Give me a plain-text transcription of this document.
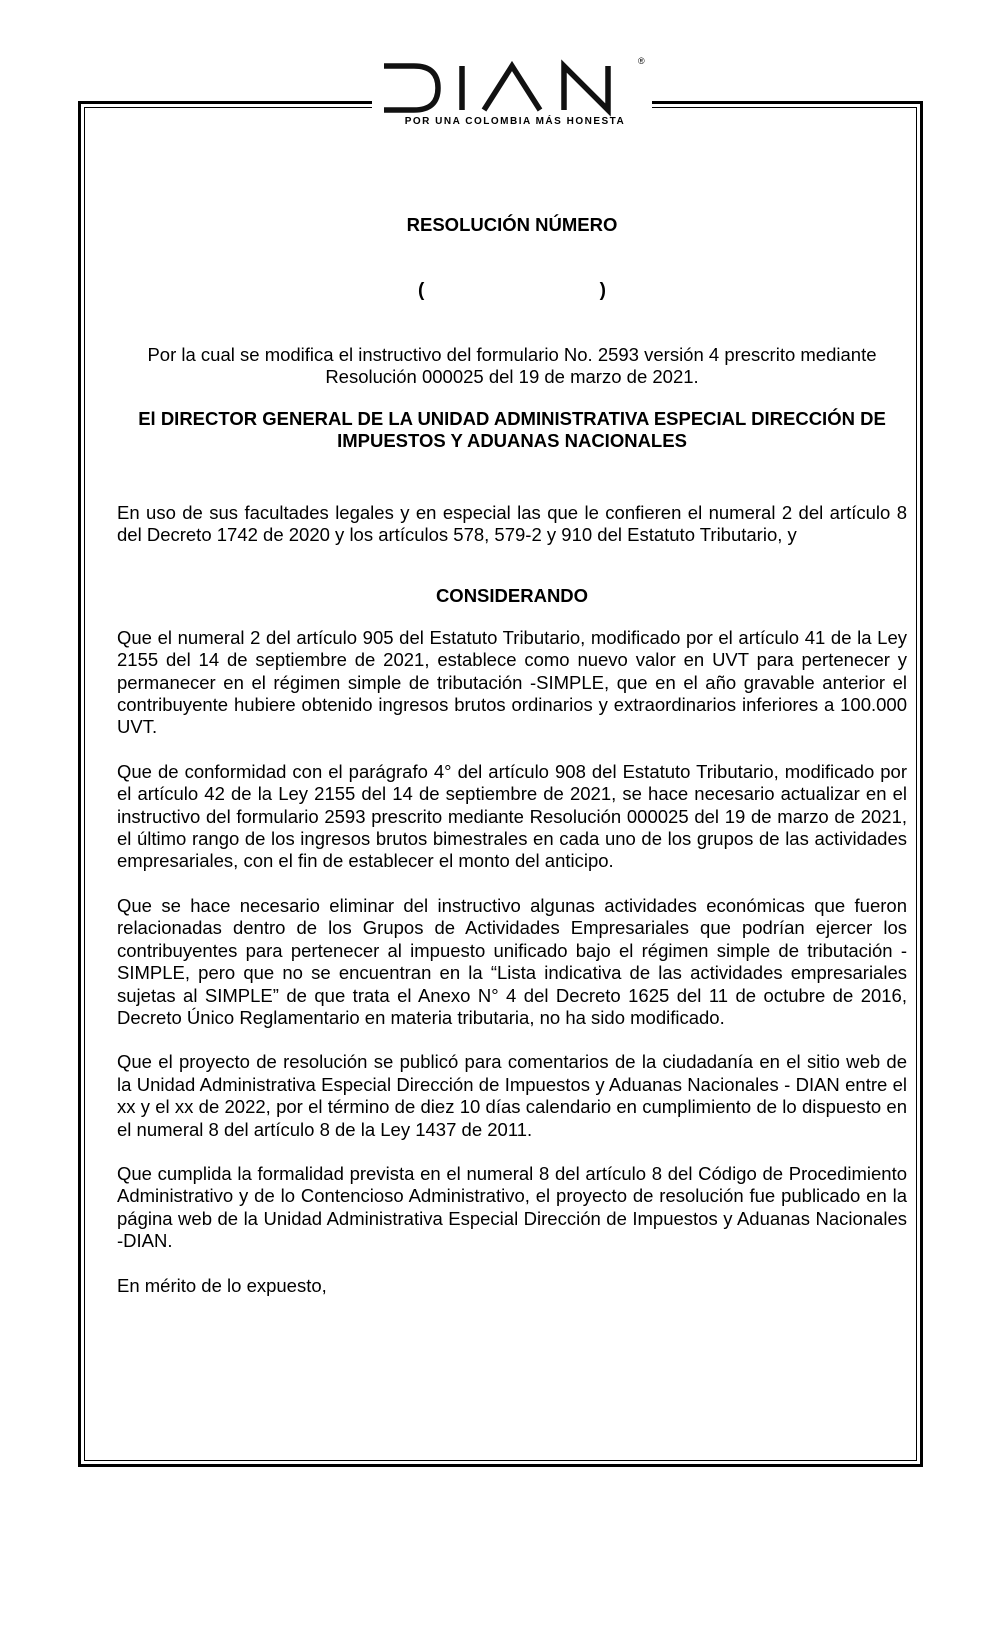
®
POR UNA COLOMBIA MÁS HONESTA
RESOLUCIÓN NÚMERO
( )
Por la cual se modifica el instructivo del formulario No. 2593 versión 4 prescrito mediante Resolución 000025 del 19 de marzo de 2021.
El DIRECTOR GENERAL DE LA UNIDAD ADMINISTRATIVA ESPECIAL DIRECCIÓN DE IMPUESTOS Y ADUANAS NACIONALES

En uso de sus facultades legales y en especial las que le confieren el numeral 2 del artículo 8 del Decreto 1742 de 2020 y los artículos 578, 579-2 y 910 del Estatuto Tributario, y

CONSIDERANDO

Que el numeral 2 del artículo 905 del Estatuto Tributario, modificado por el artículo 41 de la Ley 2155 del 14 de septiembre de 2021, establece como nuevo valor en UVT para pertenecer y permanecer en el régimen simple de tributación -SIMPLE, que en el año gravable anterior el contribuyente hubiere obtenido ingresos brutos ordinarios y extraordinarios inferiores a 100.000 UVT.

Que de conformidad con el parágrafo 4° del artículo 908 del Estatuto Tributario, modificado por el artículo 42 de la Ley 2155 del 14 de septiembre de 2021, se hace necesario actualizar en el instructivo del formulario 2593 prescrito mediante Resolución 000025 del 19 de marzo de 2021, el último rango de los ingresos brutos bimestrales en cada uno de los grupos de las actividades empresariales, con el fin de establecer el monto del anticipo.

Que se hace necesario eliminar del instructivo algunas actividades económicas que fueron relacionadas dentro de los Grupos de Actividades Empresariales que podrían ejercer los contribuyentes para pertenecer al impuesto unificado bajo el régimen simple de tributación -SIMPLE, pero que no se encuentran en la “Lista indicativa de las actividades empresariales sujetas al SIMPLE” de que trata el Anexo N° 4 del Decreto 1625 del 11 de octubre de 2016, Decreto Único Reglamentario en materia tributaria, no ha sido modificado.

Que el proyecto de resolución se publicó para comentarios de la ciudadanía en el sitio web de la Unidad Administrativa Especial Dirección de Impuestos y Aduanas Nacionales - DIAN entre el xx y el xx de 2022, por el término de diez 10 días calendario en cumplimiento de lo dispuesto en el numeral 8 del artículo 8 de la Ley 1437 de 2011.

Que cumplida la formalidad prevista en el numeral 8 del artículo 8 del Código de Procedimiento Administrativo y de lo Contencioso Administrativo, el proyecto de resolución fue publicado en la página web de la Unidad Administrativa Especial Dirección de Impuestos y Aduanas Nacionales -DIAN.

En mérito de lo expuesto,
